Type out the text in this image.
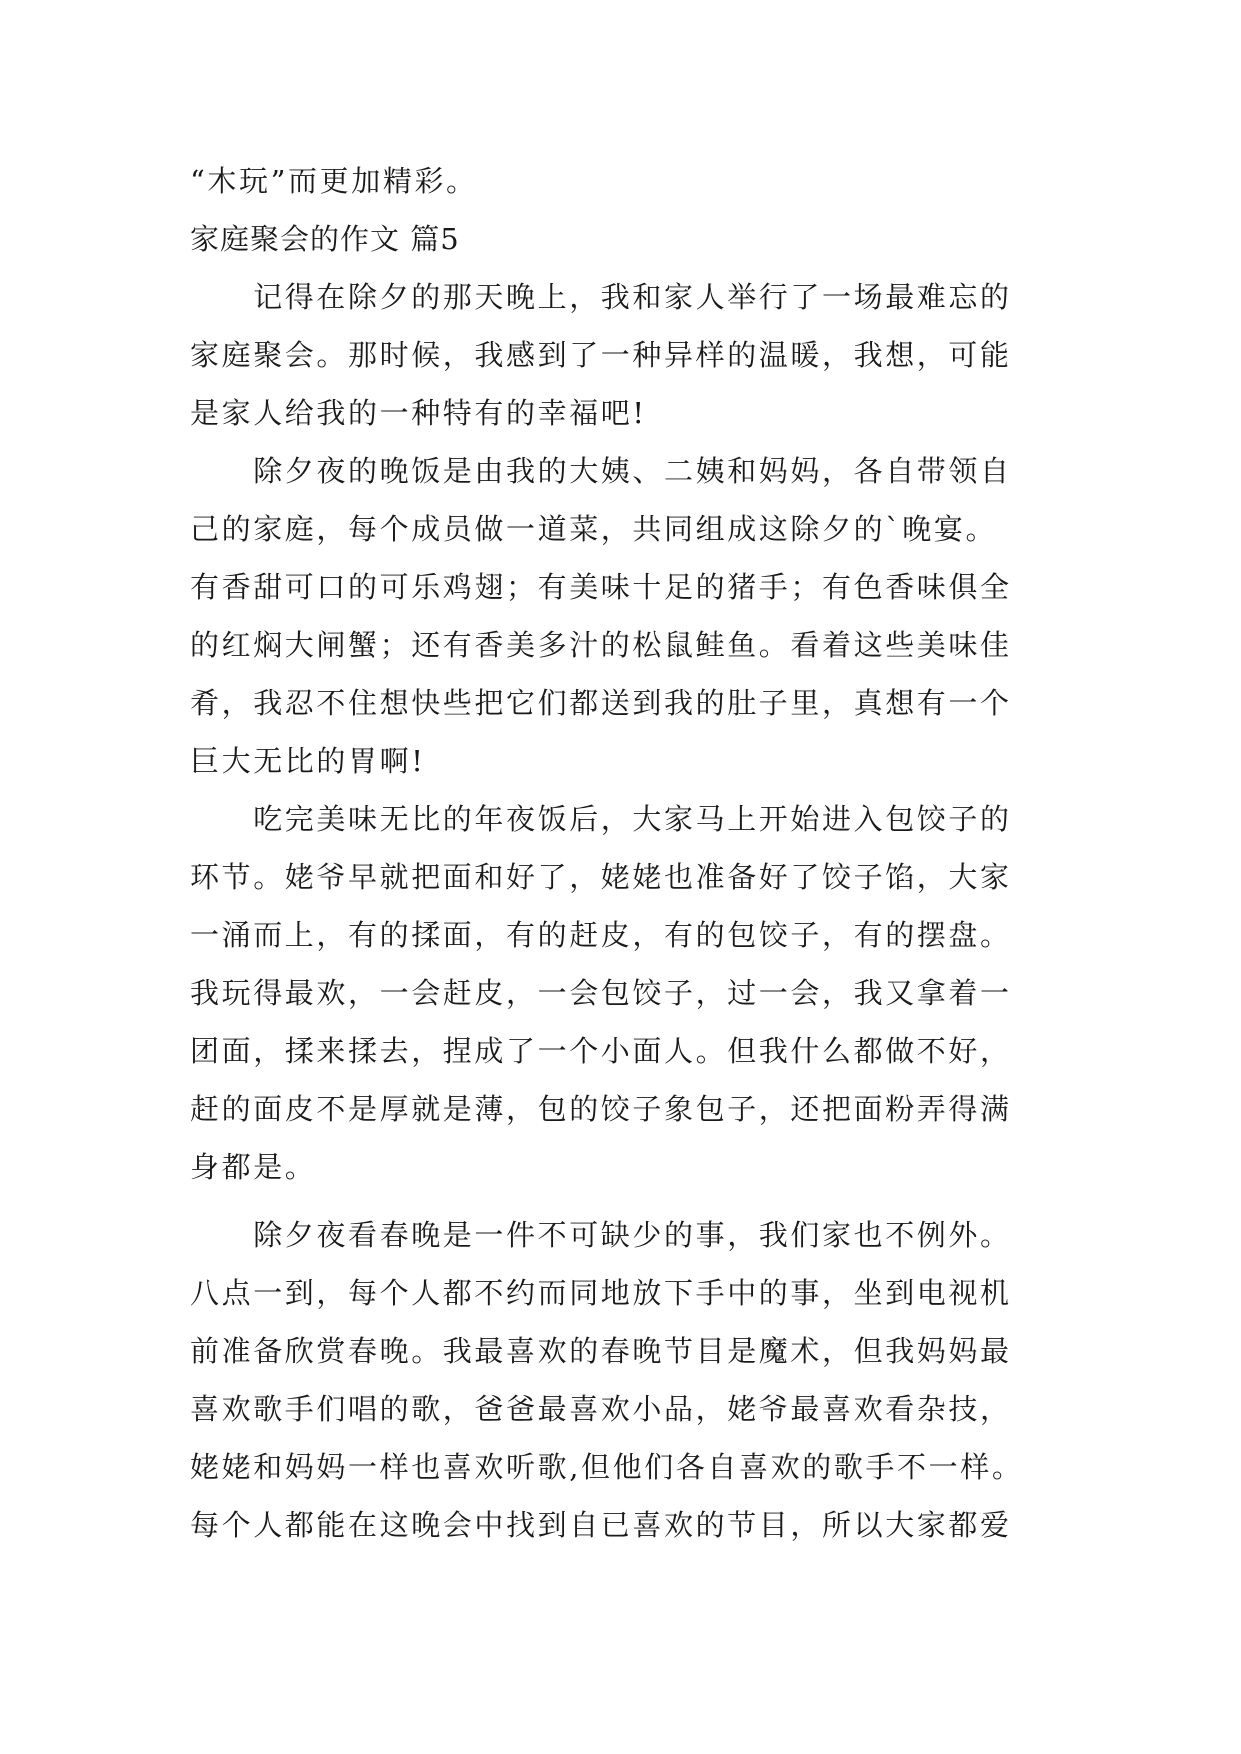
“木玩”而更加精彩。
家庭聚会的作文 篇5
　　记得在除夕的那天晚上，我和家人举行了一场最难忘的
家庭聚会。那时候，我感到了一种异样的温暖，我想，可能
是家人给我的一种特有的幸福吧!
　　除夕夜的晚饭是由我的大姨、二姨和妈妈，各自带领自
己的家庭，每个成员做一道菜，共同组成这除夕的`晚宴。
有香甜可口的可乐鸡翅；有美味十足的猪手；有色香味俱全
的红焖大闸蟹；还有香美多汁的松鼠鲑鱼。看着这些美味佳
肴，我忍不住想快些把它们都送到我的肚子里，真想有一个
巨大无比的胃啊!
　　吃完美味无比的年夜饭后，大家马上开始进入包饺子的
环节。姥爷早就把面和好了，姥姥也准备好了饺子馅，大家
一涌而上，有的揉面，有的赶皮，有的包饺子，有的摆盘。
我玩得最欢，一会赶皮，一会包饺子，过一会，我又拿着一
团面，揉来揉去，捏成了一个小面人。但我什么都做不好，
赶的面皮不是厚就是薄，包的饺子象包子，还把面粉弄得满
身都是。
　　除夕夜看春晚是一件不可缺少的事，我们家也不例外。
八点一到，每个人都不约而同地放下手中的事，坐到电视机
前准备欣赏春晚。我最喜欢的春晚节目是魔术，但我妈妈最
喜欢歌手们唱的歌，爸爸最喜欢小品，姥爷最喜欢看杂技，
姥姥和妈妈一样也喜欢听歌,但他们各自喜欢的歌手不一样。
每个人都能在这晚会中找到自已喜欢的节目，所以大家都爱
